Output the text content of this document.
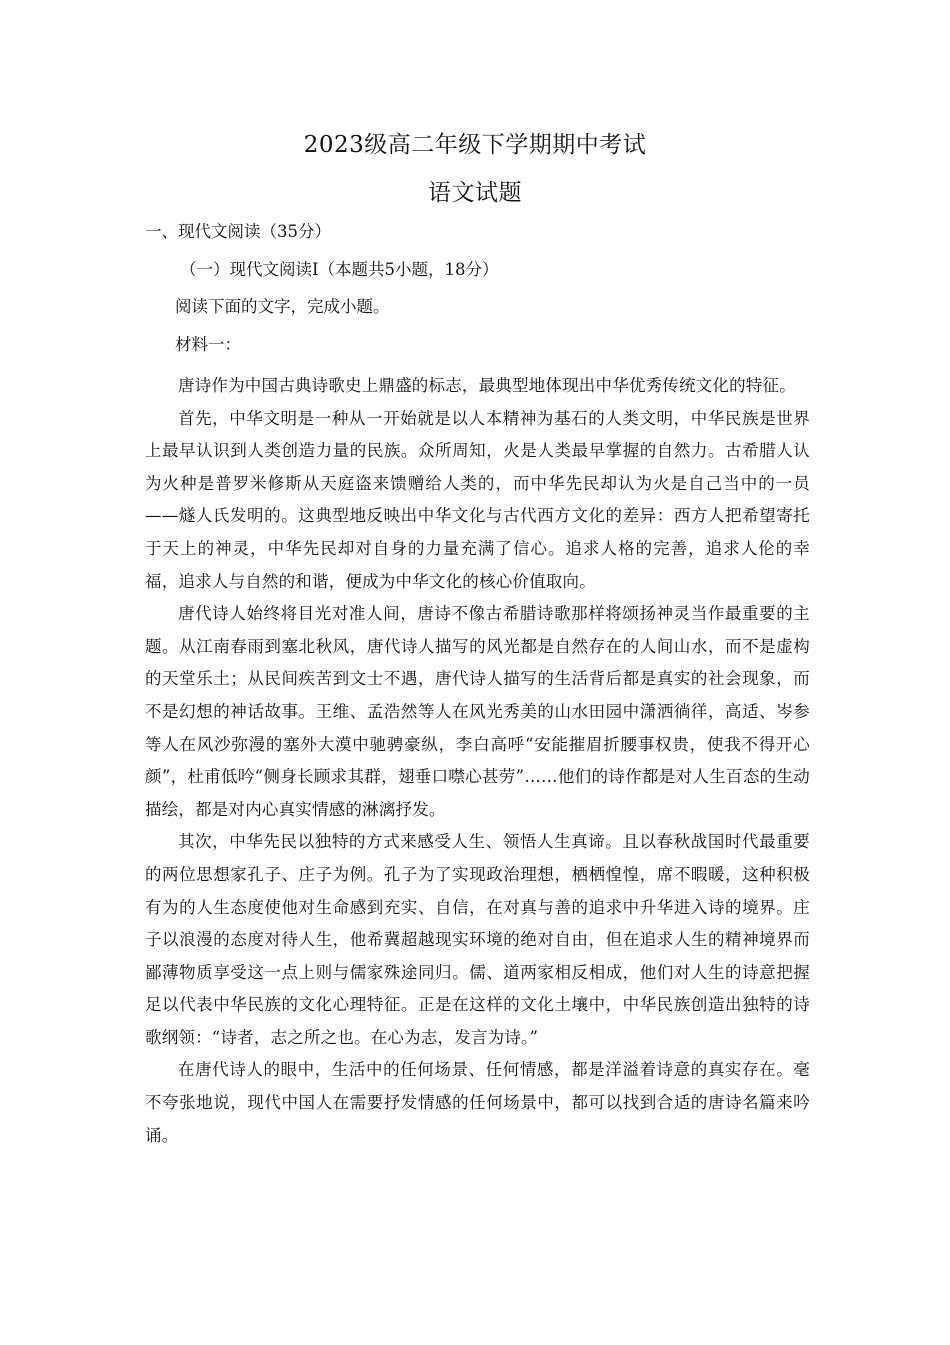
2023级高二年级下学期期中考试
语文试题
一、现代文阅读（35分）
（一）现代文阅读Ⅰ（本题共5小题，18分）
阅读下面的文字，完成小题。
材料一：

唐诗作为中国古典诗歌史上鼎盛的标志，最典型地体现出中华优秀传统文化的特征。

首先，中华文明是一种从一开始就是以人本精神为基石的人类文明，中华民族是世界上最早认识到人类创造力量的民族。众所周知，火是人类最早掌握的自然力。古希腊人认为火种是普罗米修斯从天庭盗来馈赠给人类的，而中华先民却认为火是自己当中的一员——燧人氏发明的。这典型地反映出中华文化与古代西方文化的差异：西方人把希望寄托于天上的神灵，中华先民却对自身的力量充满了信心。追求人格的完善，追求人伦的幸福，追求人与自然的和谐，便成为中华文化的核心价值取向。

唐代诗人始终将目光对准人间，唐诗不像古希腊诗歌那样将颂扬神灵当作最重要的主题。从江南春雨到塞北秋风，唐代诗人描写的风光都是自然存在的人间山水，而不是虚构的天堂乐土；从民间疾苦到文士不遇，唐代诗人描写的生活背后都是真实的社会现象，而不是幻想的神话故事。王维、孟浩然等人在风光秀美的山水田园中潇洒徜徉，高适、岑参等人在风沙弥漫的塞外大漠中驰骋豪纵，李白高呼“安能摧眉折腰事权贵，使我不得开心颜”，杜甫低吟“侧身长顾求其群，翅垂口噤心甚劳”……他们的诗作都是对人生百态的生动描绘，都是对内心真实情感的淋漓抒发。

其次，中华先民以独特的方式来感受人生、领悟人生真谛。且以春秋战国时代最重要的两位思想家孔子、庄子为例。孔子为了实现政治理想，栖栖惶惶，席不暇暖，这种积极有为的人生态度使他对生命感到充实、自信，在对真与善的追求中升华进入诗的境界。庄子以浪漫的态度对待人生，他希冀超越现实环境的绝对自由，但在追求人生的精神境界而鄙薄物质享受这一点上则与儒家殊途同归。儒、道两家相反相成，他们对人生的诗意把握足以代表中华民族的文化心理特征。正是在这样的文化土壤中，中华民族创造出独特的诗歌纲领：“诗者，志之所之也。在心为志，发言为诗。”

在唐代诗人的眼中，生活中的任何场景、任何情感，都是洋溢着诗意的真实存在。毫不夸张地说，现代中国人在需要抒发情感的任何场景中，都可以找到合适的唐诗名篇来吟诵。
